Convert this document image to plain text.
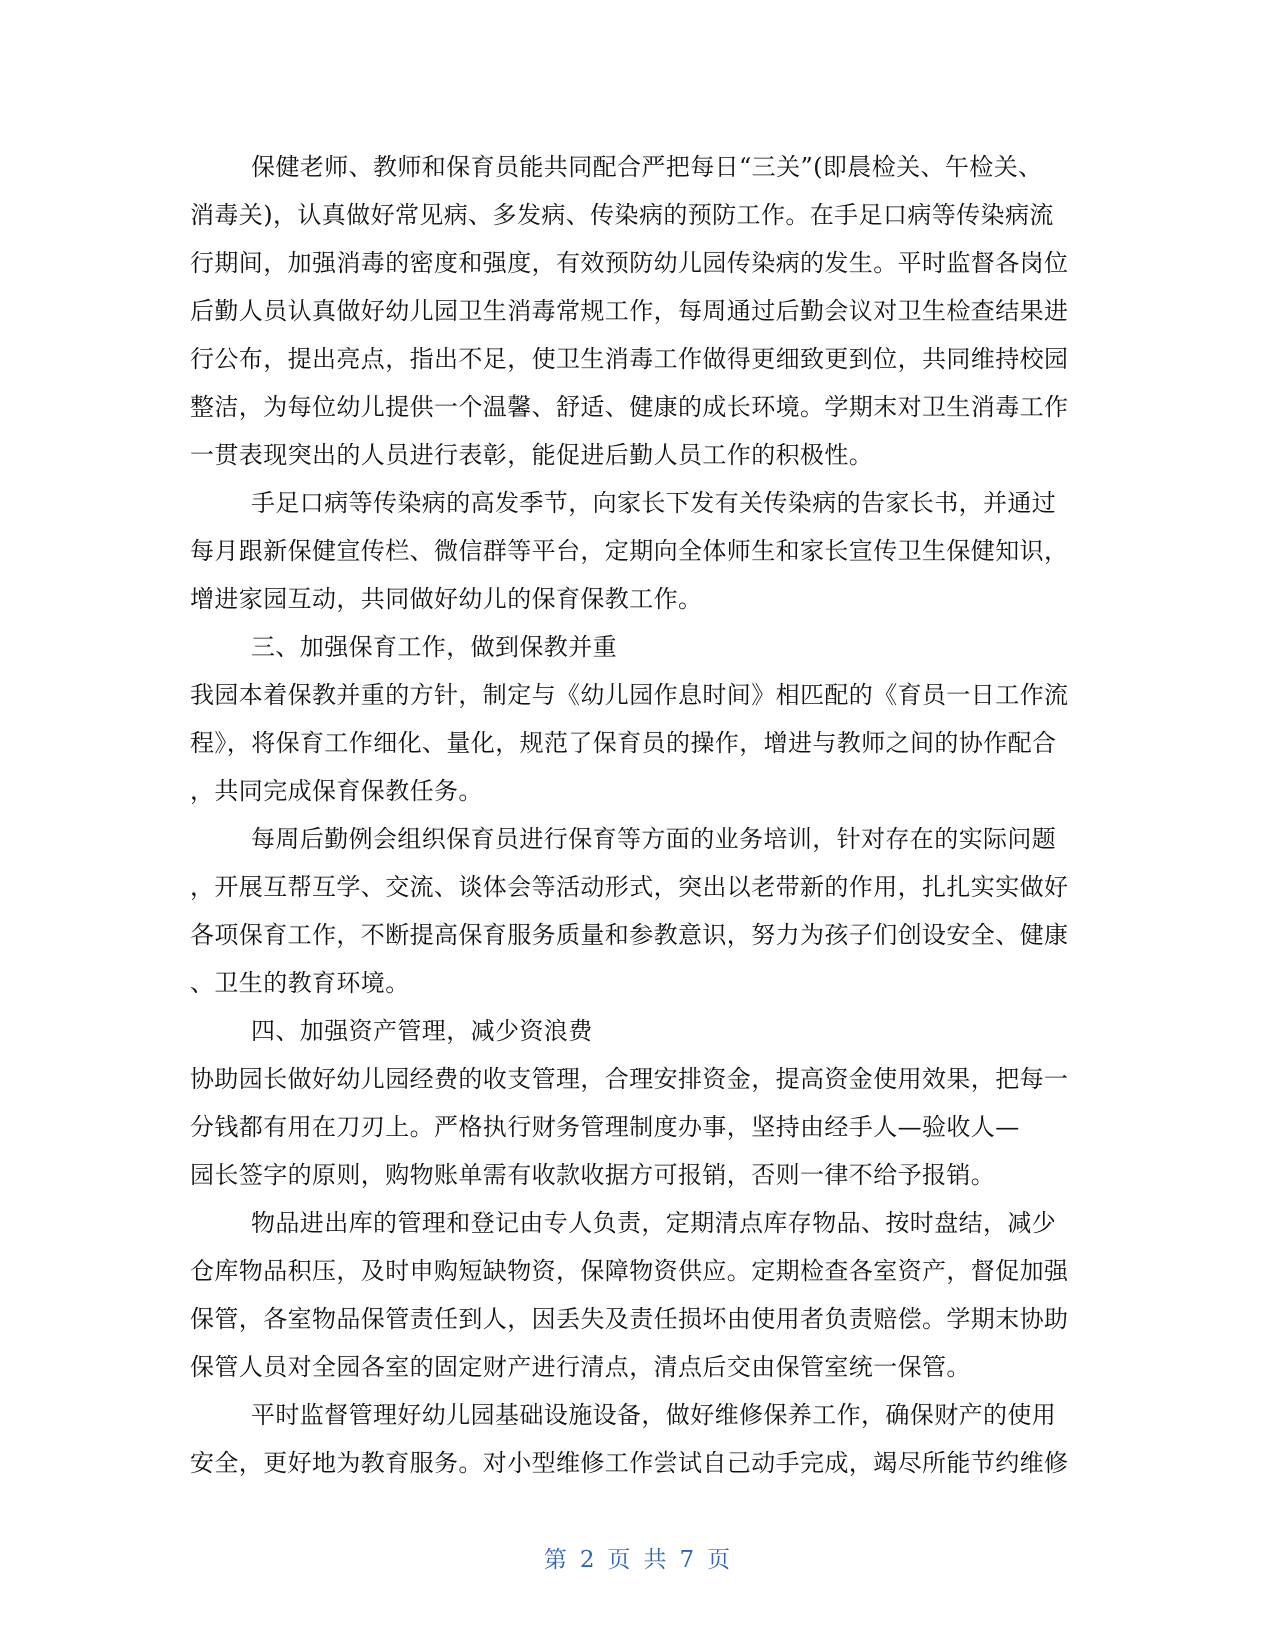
保健老师、教师和保育员能共同配合严把每日“三关”(即晨检关、午检关、
消毒关)，认真做好常见病、多发病、传染病的预防工作。在手足口病等传染病流
行期间，加强消毒的密度和强度，有效预防幼儿园传染病的发生。平时监督各岗位
后勤人员认真做好幼儿园卫生消毒常规工作，每周通过后勤会议对卫生检查结果进
行公布，提出亮点，指出不足，使卫生消毒工作做得更细致更到位，共同维持校园
整洁，为每位幼儿提供一个温馨、舒适、健康的成长环境。学期末对卫生消毒工作
一贯表现突出的人员进行表彰，能促进后勤人员工作的积极性。
手足口病等传染病的高发季节，向家长下发有关传染病的告家长书，并通过
每月跟新保健宣传栏、微信群等平台，定期向全体师生和家长宣传卫生保健知识，
增进家园互动，共同做好幼儿的保育保教工作。
三、加强保育工作，做到保教并重
我园本着保教并重的方针，制定与《幼儿园作息时间》相匹配的《育员一日工作流
程》，将保育工作细化、量化，规范了保育员的操作，增进与教师之间的协作配合
，共同完成保育保教任务。
每周后勤例会组织保育员进行保育等方面的业务培训，针对存在的实际问题
，开展互帮互学、交流、谈体会等活动形式，突出以老带新的作用，扎扎实实做好
各项保育工作，不断提高保育服务质量和参教意识，努力为孩子们创设安全、健康
、卫生的教育环境。
四、加强资产管理，减少资浪费
协助园长做好幼儿园经费的收支管理，合理安排资金，提高资金使用效果，把每一
分钱都有用在刀刃上。严格执行财务管理制度办事，坚持由经手人—验收人—
园长签字的原则，购物账单需有收款收据方可报销，否则一律不给予报销。
物品进出库的管理和登记由专人负责，定期清点库存物品、按时盘结，减少
仓库物品积压，及时申购短缺物资，保障物资供应。定期检查各室资产，督促加强
保管，各室物品保管责任到人，因丢失及责任损坏由使用者负责赔偿。学期末协助
保管人员对全园各室的固定财产进行清点，清点后交由保管室统一保管。
平时监督管理好幼儿园基础设施设备，做好维修保养工作，确保财产的使用
安全，更好地为教育服务。对小型维修工作尝试自己动手完成，竭尽所能节约维修
第 2 页 共 7 页
